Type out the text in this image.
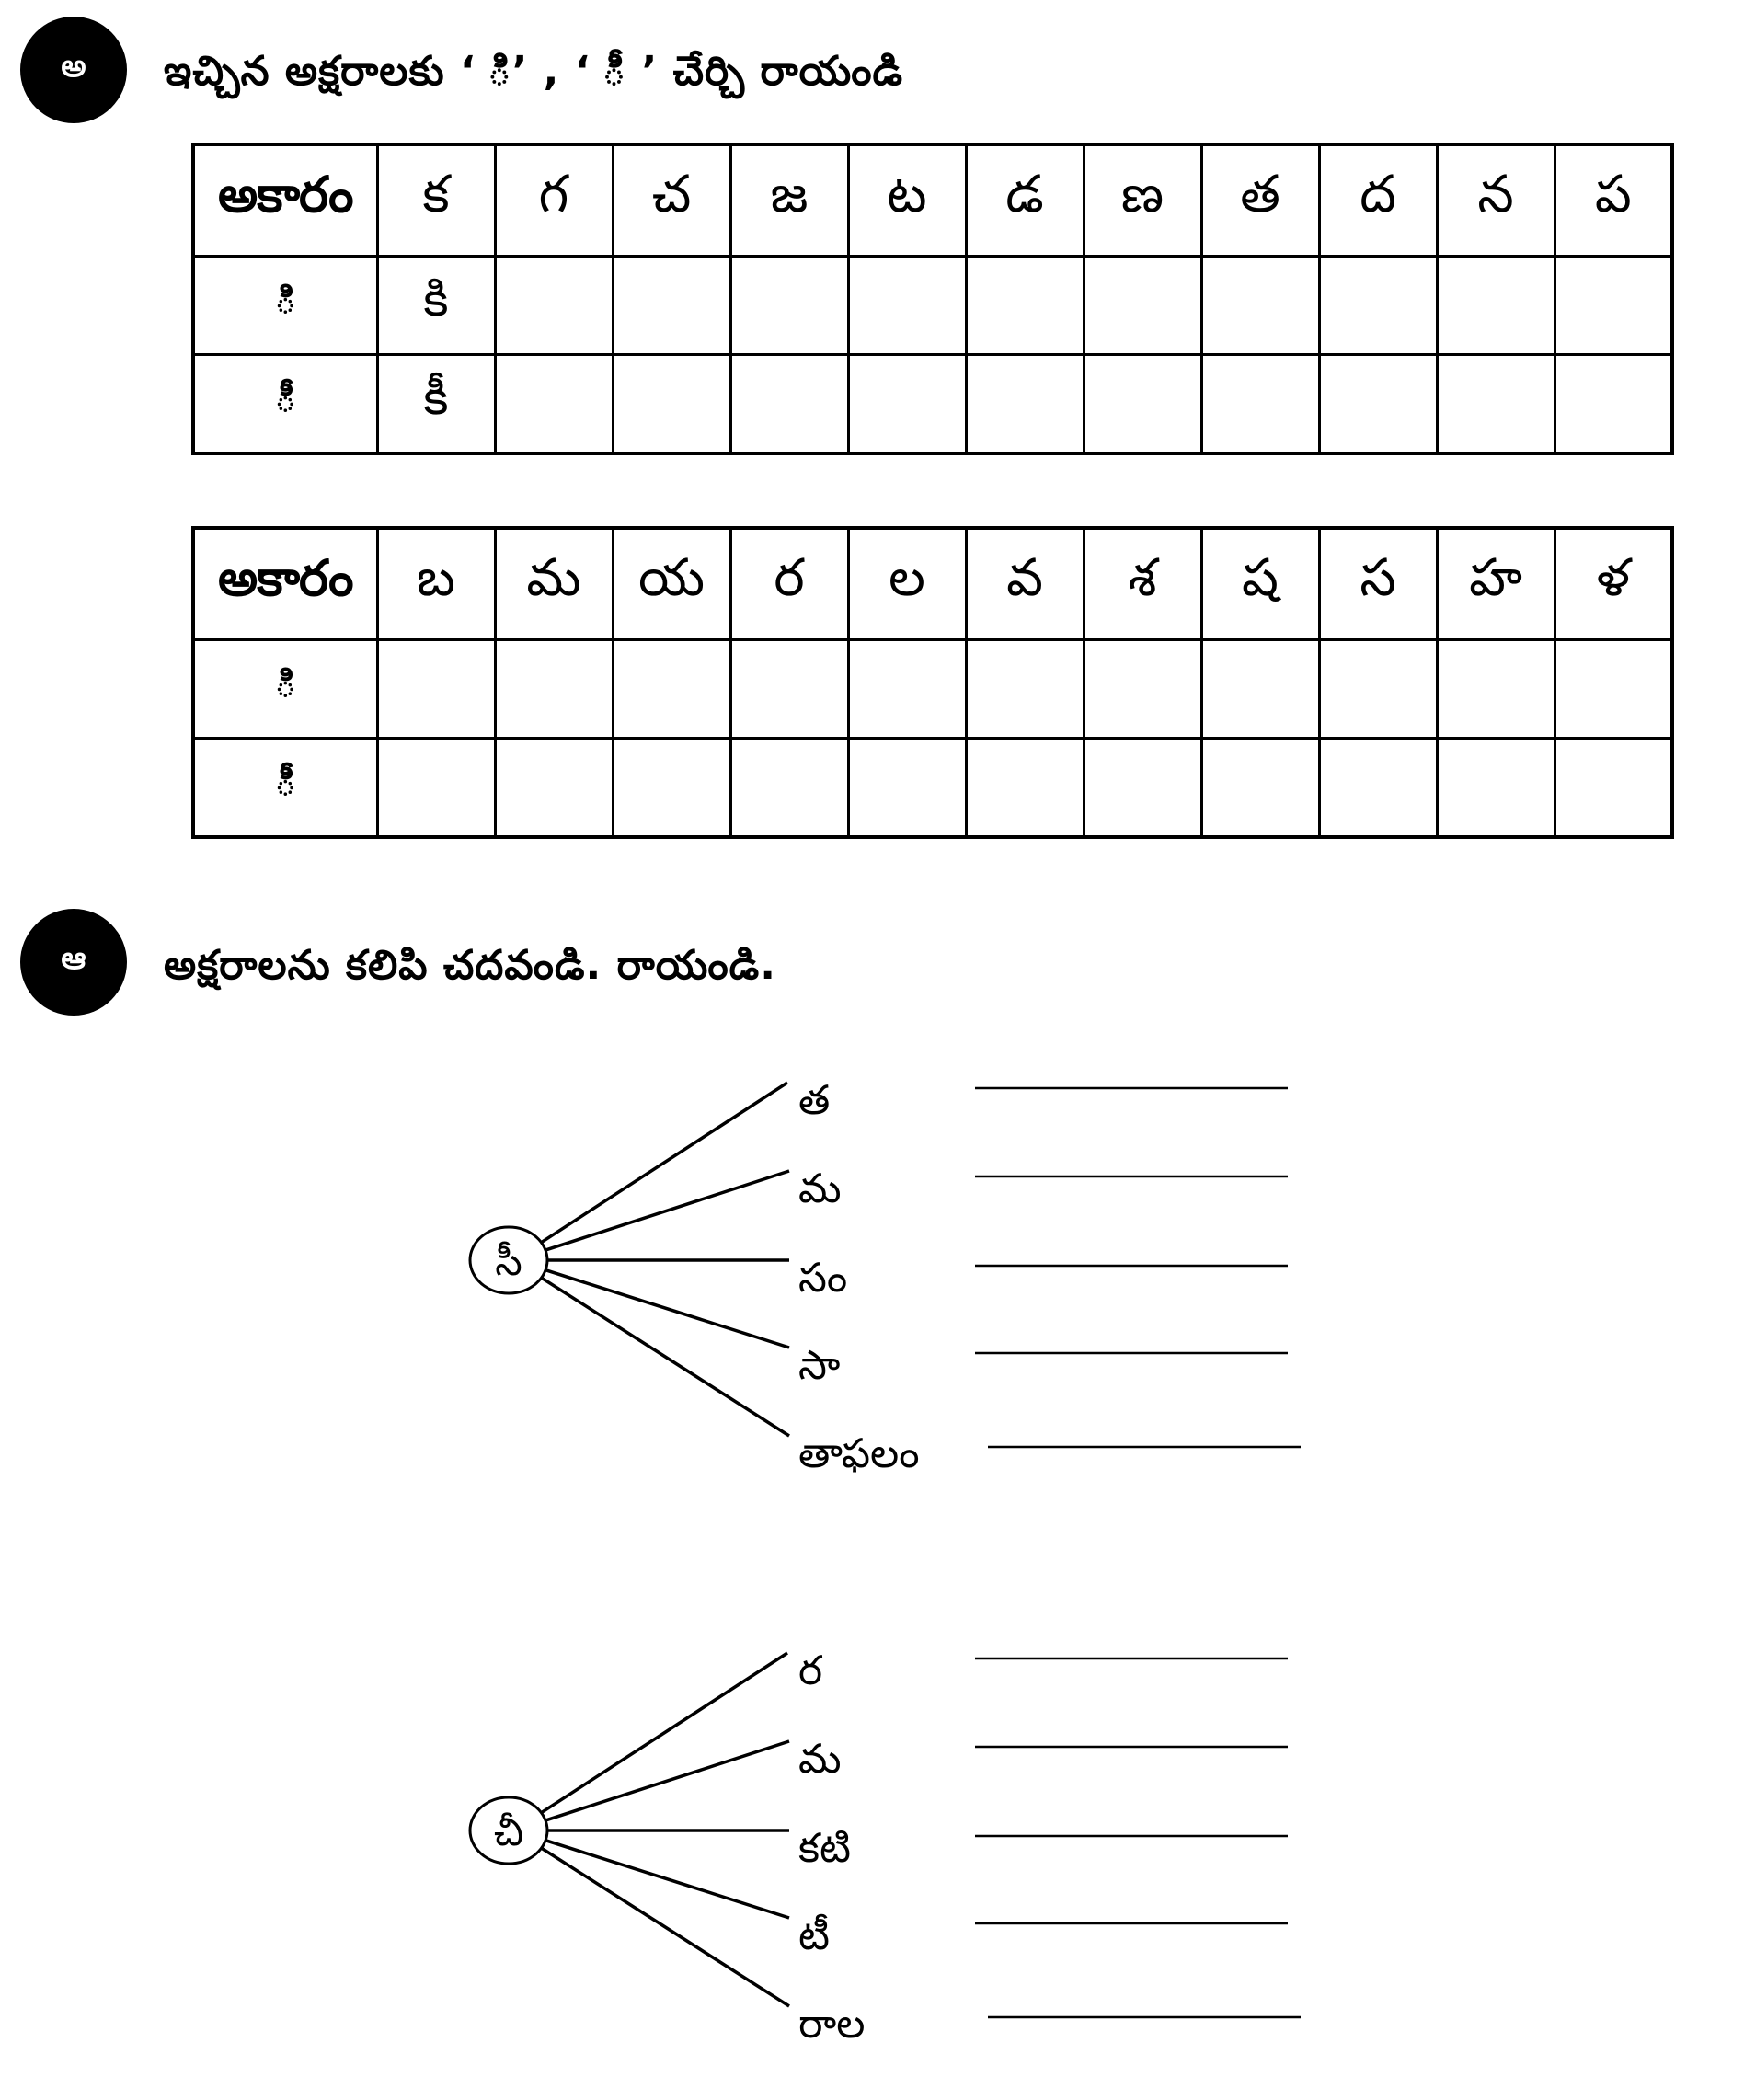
అ ఇచ్చిన అక్షరాలకు ‘ ి’ , ‘ ీ ’ చేర్చి రాయండి
అకారం	క	గ	చ	జ	ట	డ	ణ	త	ద	న	ప
ి	కి										
ీ	కీ										
అకారం	బ	మ	య	ర	ల	వ	శ	ష	స	హ	ళ
ి											
ీ											
ఆ అక్షరాలను కలిపి చదవండి. రాయండి.
త
మ
సం
సా
తాఫలం
సీ
ర
మ
కటి
టీ
రాల
చీ
